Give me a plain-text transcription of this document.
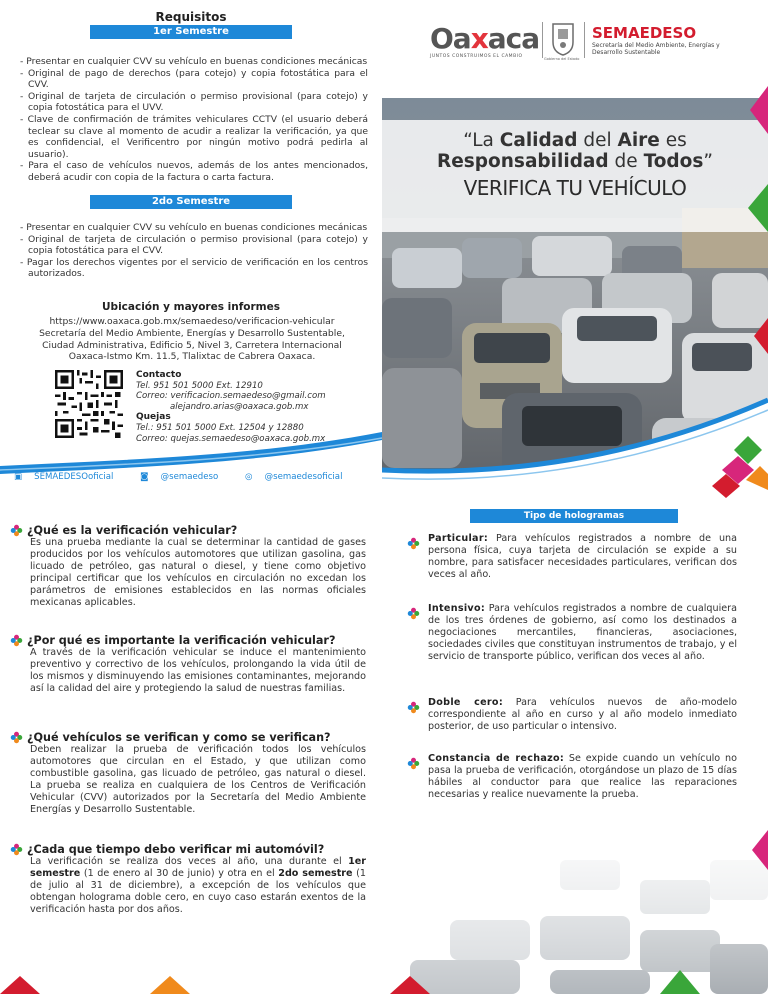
Requisitos
1er Semestre
- Presentar en cualquier CVV su vehículo en buenas condiciones mecánicas
- Original de pago de derechos (para cotejo) y copia fotostática para el CVV.
- Original de tarjeta de circulación o permiso provisional (para cotejo) y copia fotostática para el UVV.
- Clave de confirmación de trámites vehiculares CCTV (el usuario deberá teclear su clave al momento de acudir a realizar la verificación, ya que es confidencial, el Verificentro por ningún motivo podrá pedirla al usuario).
- Para el caso de vehículos nuevos, además de los antes mencionados, deberá acudir con copia de la factura o carta factura.
2do Semestre
- Presentar en cualquier CVV su vehículo en buenas condiciones mecánicas
- Original de tarjeta de circulación o permiso provisional (para cotejo) y copia fotostática para el CVV.
- Pagar los derechos vigentes por el servicio de verificación en los centros autorizados.
Ubicación y mayores informes
https://www.oaxaca.gob.mx/semaedeso/verificacion-vehicular
Secretaría del Medio Ambiente, Energías y Desarrollo Sustentable,
Ciudad Administrativa, Edificio 5, Nivel 3, Carretera Internacional
Oaxaca-Istmo Km. 11.5, Tlalixtac de Cabrera Oaxaca.
Contacto
Tel. 951 501 5000 Ext. 12910
Correo: verificacion.semaedeso@gmail.com
alejandro.arias@oaxaca.gob.mx
Quejas
Tel.: 951 501 5000 Ext. 12504 y 12880
Correo: quejas.semaedeso@oaxaca.gob.mx
▣ SEMAEDESOoficial	◙ @semaedeso	◎ @semaedesoficial
Oaxaca
JUNTOS CONSTRUIMOS EL CAMBIO	Gobierno del Estado
SEMAEDESO
Secretaría del Medio Ambiente, Energías y Desarrollo Sustentable
“La Calidad del Aire es
Responsabilidad de Todos”
VERIFICA TU VEHÍCULO
¿Qué es la verificación vehicular?
Es una prueba mediante la cual se determinar la cantidad de gases producidos por los vehículos automotores que utilizan gasolina, gas licuado de petróleo, gas natural o diesel, y tiene como objetivo principal certificar que los vehículos en circulación no excedan los parámetros de emisiones establecidos en las normas oficiales mexicanas aplicables.
¿Por qué es importante la verificación vehicular?
A través de la verificación vehicular se induce el mantenimiento preventivo y correctivo de los vehículos, prolongando la vida útil de los mismos y disminuyendo las emisiones contaminantes, mejorando así la calidad del aire y protegiendo la salud de nuestras familias.
¿Qué vehículos se verifican y como se verifican?
Deben realizar la prueba de verificación todos los vehículos automotores que circulan en el Estado, y que utilizan como combustible gasolina, gas licuado de petróleo, gas natural o diesel. La prueba se realiza en cualquiera de los Centros de Verificación Vehicular (CVV) autorizados por la Secretaría del Medio Ambiente Energías y Desarrollo Sustentable.
¿Cada que tiempo debo verificar mi automóvil?
La verificación se realiza dos veces al año, una durante el 1er semestre (1 de enero al 30 de junio) y otra en el 2do semestre (1 de julio al 31 de diciembre), a excepción de los vehículos que obtengan holograma doble cero, en cuyo caso estarán exentos de la verificación hasta por dos años.
Tipo de hologramas
Particular: Para vehículos registrados a nombre de una persona física, cuya tarjeta de circulación se expide a su nombre, para satisfacer necesidades particulares, verifican dos veces al año.
Intensivo: Para vehículos registrados a nombre de cualquiera de los tres órdenes de gobierno, así como los destinados a negociaciones mercantiles, financieras, asociaciones, sociedades civiles que constituyan instrumentos de trabajo, y el servicio de transporte público, verifican dos veces al año.
Doble cero: Para vehículos nuevos de año-modelo correspondiente al año en curso y al año modelo inmediato posterior, de uso particular o intensivo.
Constancia de rechazo: Se expide cuando un vehículo no pasa la prueba de verificación, otorgándose un plazo de 15 días hábiles al conductor para que realice las reparaciones necesarias y realice nuevamente la prueba.
